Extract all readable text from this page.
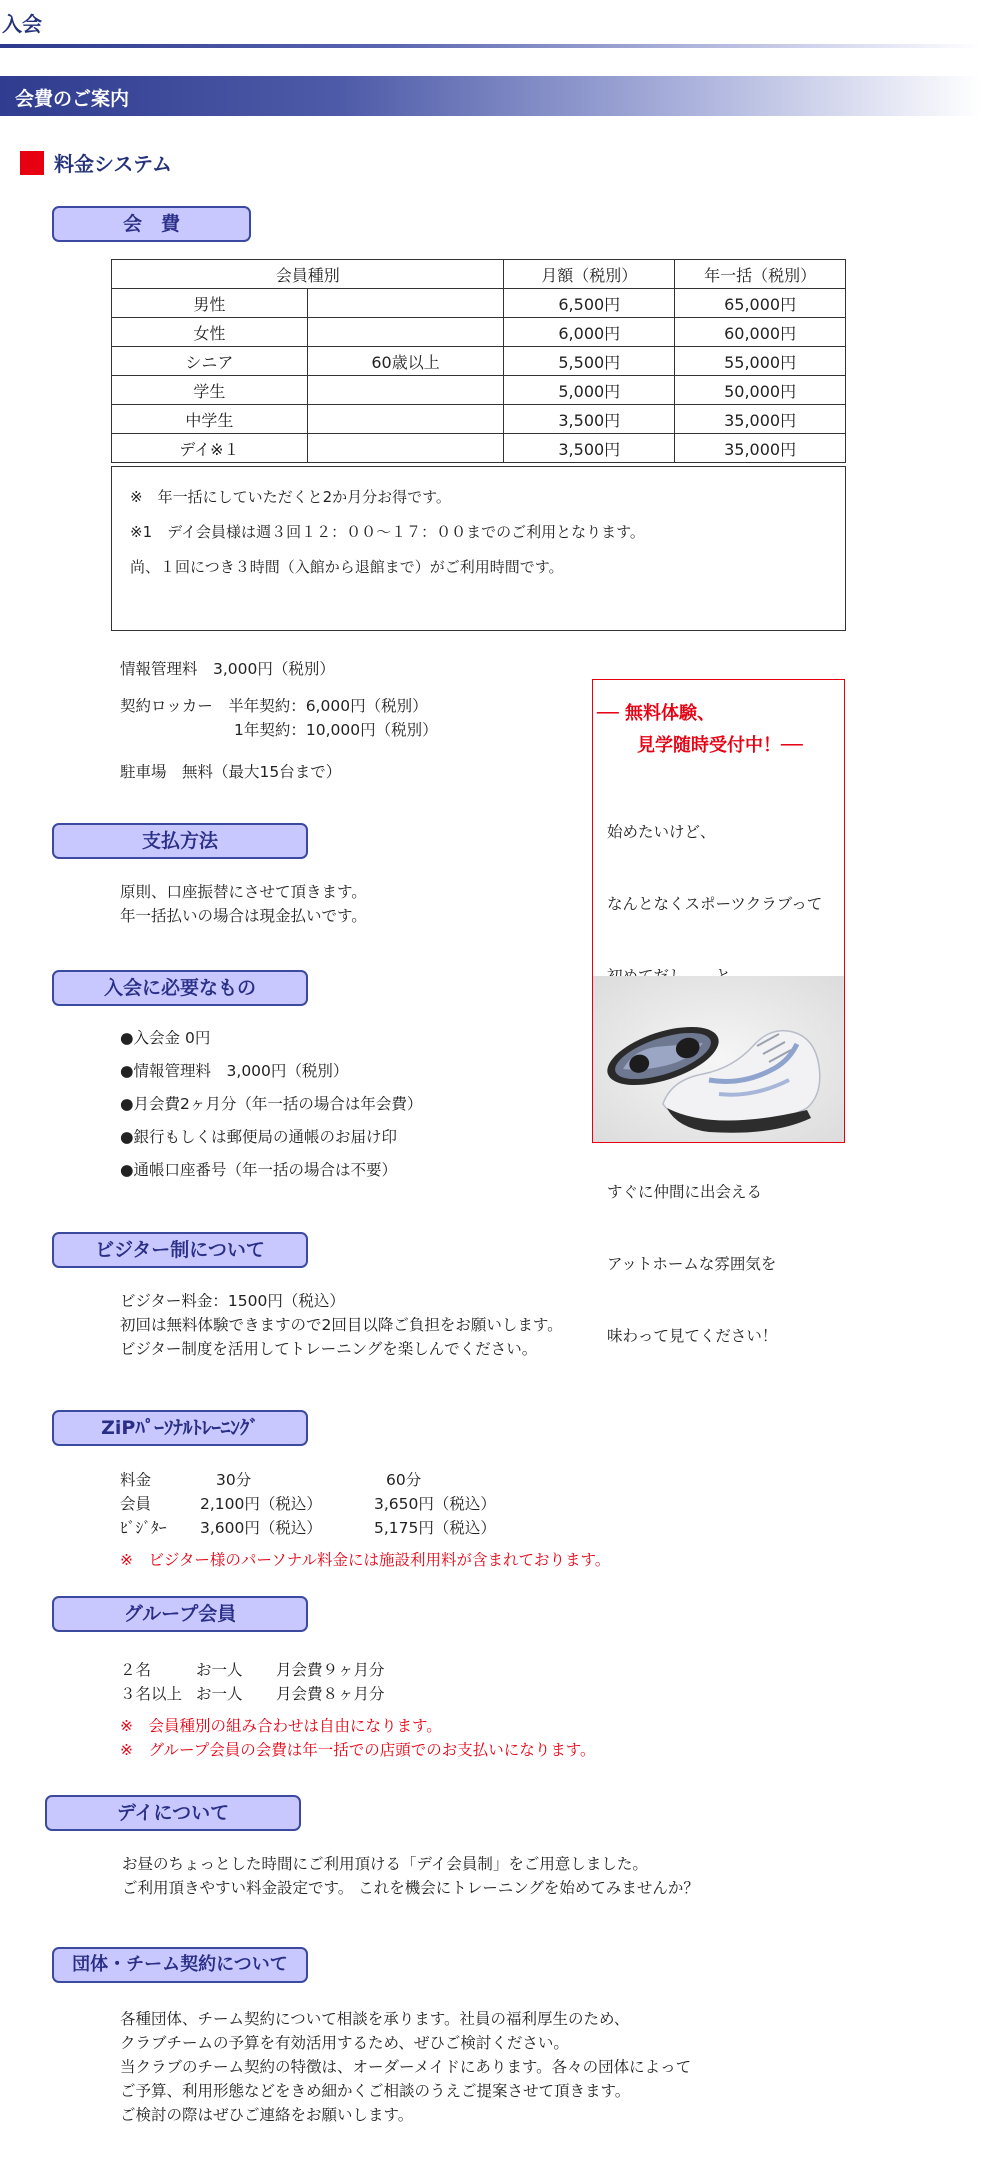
入会
会費のご案内
料金システム
会　費
会員種別		月額（税別）	年一括（税別）
男性		6,500円	65,000円
女性		6,000円	60,000円
シニア	60歳以上	5,500円	55,000円
学生		5,000円	50,000円
中学生		3,500円	35,000円
デイ※１		3,500円	35,000円

※　年一括にしていただくと2か月分お得です。

※1　デイ会員様は週３回１２：００～１７：００までのご利用となります。

尚、１回につき３時間（入館から退館まで）がご利用時間です。

情報管理料　3,000円（税別）
契約ロッカー　半年契約：6,000円（税別）
1年契約：10,000円（税別）
駐車場　無料（最大15台まで）
── 無料体験、
見学随時受付中！──

始めたいけど、

なんとなくスポーツクラブって

すぐに仲間に出会える

アットホームな雰囲気を

味わって見てください！

支払方法
原則、口座振替にさせて頂きます。
年一括払いの場合は現金払いです。
入会に必要なもの
●入会金 0円
●情報管理料　3,000円（税別）
●月会費2ヶ月分（年一括の場合は年会費）
●銀行もしくは郵便局の通帳のお届け印
●通帳口座番号（年一括の場合は不要）
ビジター制について
ビジター料金：1500円（税込）
初回は無料体験できますので2回目以降ご負担をお願いします。
ビジター制度を活用してトレーニングを楽しんでください。
ZiPﾊﾟｰｿﾅﾙﾄﾚｰﾆﾝｸﾞ
料金	30分	60分
会員	2,100円（税込）	3,650円（税込）
ﾋﾞｼﾞﾀｰ 3,600円（税込）	5,175円（税込）
※　ビジター様のパーソナル料金には施設利用料が含まれております。
グループ会員
２名	お一人 月会費９ヶ月分
３名以上 お一人 月会費８ヶ月分
※　会員種別の組み合わせは自由になります。
※　グループ会員の会費は年一括での店頭でのお支払いになります。
デイについて
お昼のちょっとした時間にご利用頂ける「デイ会員制」をご用意しました。
ご利用頂きやすい料金設定です。 これを機会にトレーニングを始めてみませんか？
団体・チーム契約について
各種団体、チーム契約について相談を承ります。社員の福利厚生のため、
クラブチームの予算を有効活用するため、ぜひご検討ください。
当クラブのチーム契約の特徴は、オーダーメイドにあります。各々の団体によって
ご予算、利用形態などをきめ細かくご相談のうえご提案させて頂きます。
ご検討の際はぜひご連絡をお願いします。
